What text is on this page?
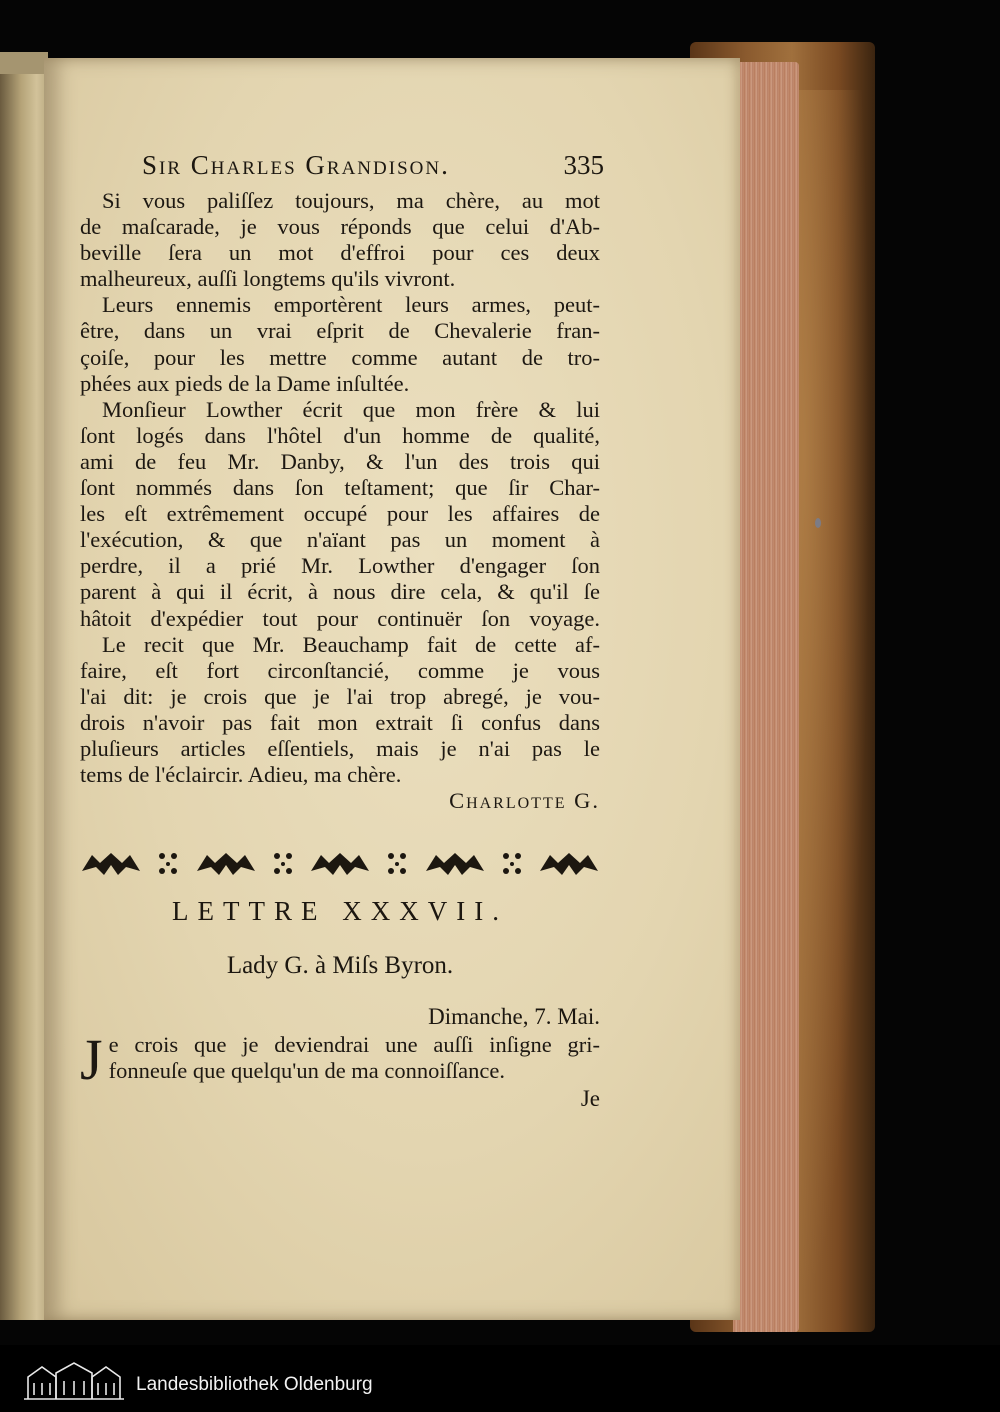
Sir Charles Grandison.	335
Si vous paliſſez toujours, ma chère, au mot
de maſcarade, je vous réponds que celui d'Ab-
beville ſera un mot d'effroi pour ces deux
malheureux, auſſi longtems qu'ils vivront.
Leurs ennemis emportèrent leurs armes, peut-
être, dans un vrai eſprit de Chevalerie fran-
çoiſe, pour les mettre comme autant de tro-
phées aux pieds de la Dame inſultée.
Monſieur Lowther écrit que mon frère & lui
ſont logés dans l'hôtel d'un homme de qualité,
ami de feu Mr. Danby, & l'un des trois qui
ſont nommés dans ſon teſtament; que ſir Char-
les eſt extrêmement occupé pour les affaires de
l'exécution, & que n'aïant pas un moment à
perdre, il a prié Mr. Lowther d'engager ſon
parent à qui il écrit, à nous dire cela, & qu'il ſe
hâtoit d'expédier tout pour continuër ſon voyage.
Le recit que Mr. Beauchamp fait de cette af-
faire, eſt fort circonſtancié, comme je vous
l'ai dit: je crois que je l'ai trop abregé, je vou-
drois n'avoir pas fait mon extrait ſi confus dans
pluſieurs articles eſſentiels, mais je n'ai pas le
tems de l'éclaircir. Adieu, ma chère.
Charlotte G.
LETTRE XXXVII.
Lady G. à Miſs Byron.
Dimanche, 7. Mai.
J e crois que je deviendrai une auſſi inſigne gri-
fonneuſe que quelqu'un de ma connoiſſance.
Je
Landesbibliothek Oldenburg
